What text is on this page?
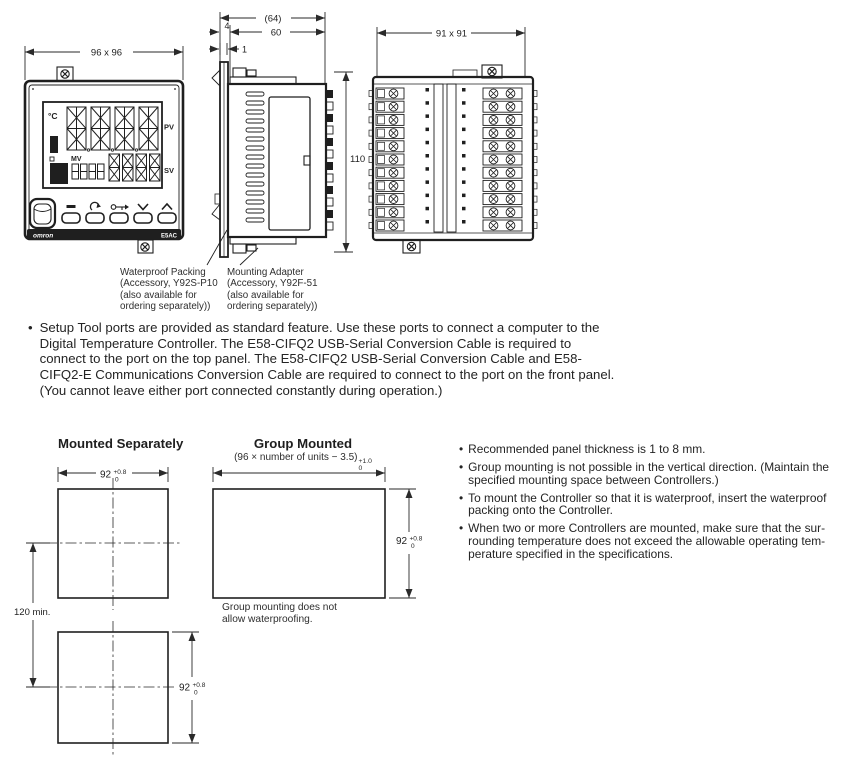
96 x 96
°C
PV
MV
SV
omron	E5AC
(64)
60
4
1
110
91 x 91
Waterproof Packing
(Accessory, Y92S-P10
(also available for
ordering separately))
Mounting Adapter
(Accessory, Y92F-51
(also available for
ordering separately))
• Setup Tool ports are provided as standard feature. Use these ports to connect a computer to the
Digital Temperature Controller. The E58-CIFQ2 USB-Serial Conversion Cable is required to
connect to the port on the top panel. The E58-CIFQ2 USB-Serial Conversion Cable and E58-
CIFQ2-E Communications Conversion Cable are required to connect to the port on the front panel.
(You cannot leave either port connected constantly during operation.)
Mounted Separately	Group Mounted
(96 × number of units − 3.5) +1.0
0
92 +0.8
0
120 min.
92 +0.8
0
92 +0.8
0
Group mounting does not
allow waterproofing.
• Recommended panel thickness is 1 to 8 mm.
• Group mounting is not possible in the vertical direction. (Maintain the
specified mounting space between Controllers.)
• To mount the Controller so that it is waterproof, insert the waterproof
packing onto the Controller.
• When two or more Controllers are mounted, make sure that the sur-
rounding temperature does not exceed the allowable operating tem-
perature specified in the specifications.
